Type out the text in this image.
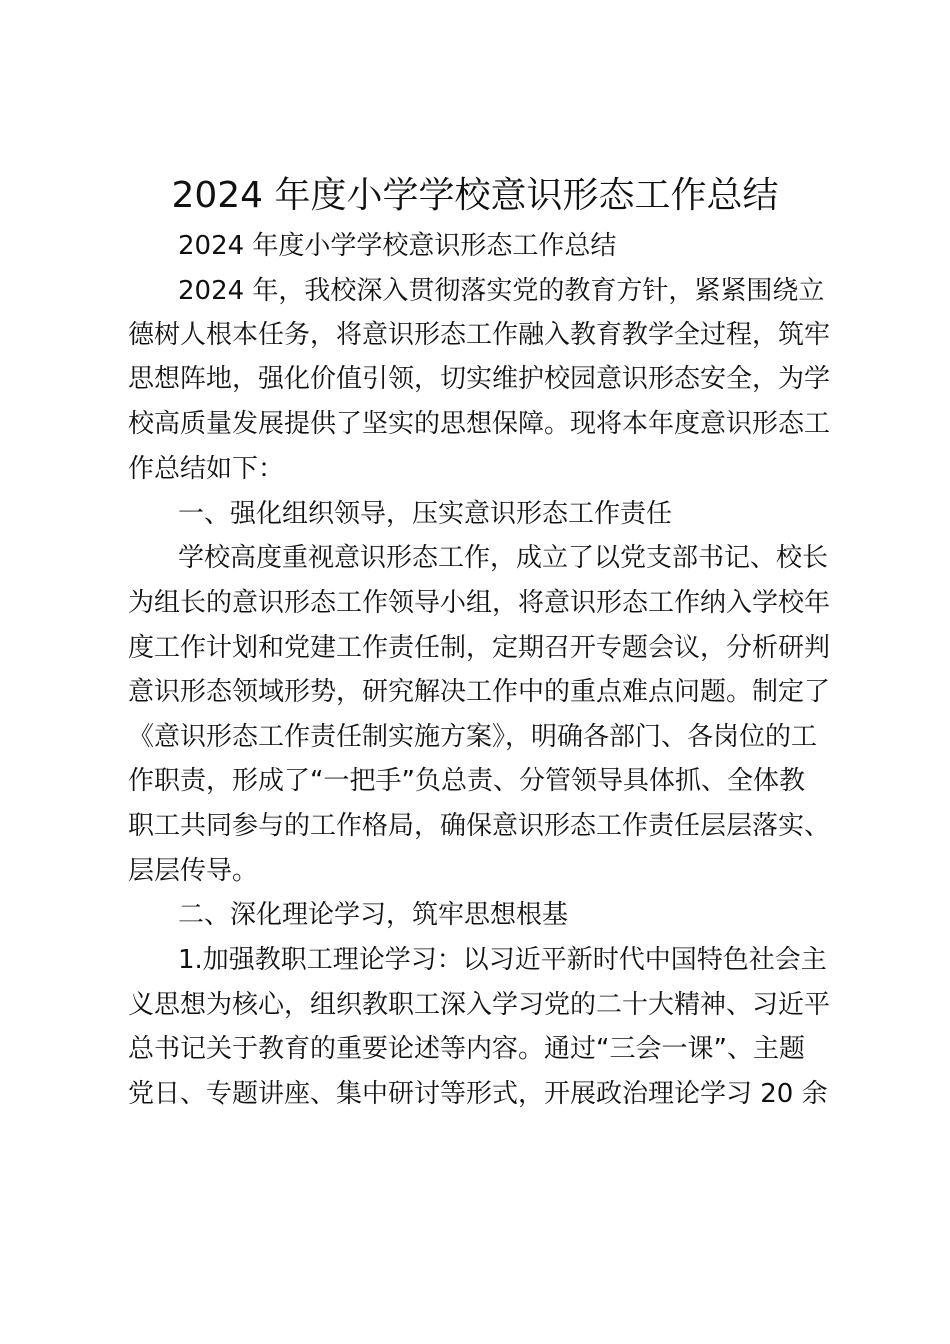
2024 年度小学学校意识形态工作总结
2024 年度小学学校意识形态工作总结
2024 年，我校深入贯彻落实党的教育方针，紧紧围绕立
德树人根本任务，将意识形态工作融入教育教学全过程，筑牢
思想阵地，强化价值引领，切实维护校园意识形态安全，为学
校高质量发展提供了坚实的思想保障。现将本年度意识形态工
作总结如下：
一、强化组织领导，压实意识形态工作责任
学校高度重视意识形态工作，成立了以党支部书记、校长
为组长的意识形态工作领导小组，将意识形态工作纳入学校年
度工作计划和党建工作责任制，定期召开专题会议，分析研判
意识形态领域形势，研究解决工作中的重点难点问题。制定了
《意识形态工作责任制实施方案》，明确各部门、各岗位的工
作职责，形成了“一把手”负总责、分管领导具体抓、全体教
职工共同参与的工作格局，确保意识形态工作责任层层落实、
层层传导。
二、深化理论学习，筑牢思想根基
1.加强教职工理论学习：以习近平新时代中国特色社会主
义思想为核心，组织教职工深入学习党的二十大精神、习近平
总书记关于教育的重要论述等内容。通过“三会一课”、主题
党日、专题讲座、集中研讨等形式，开展政治理论学习 20 余
